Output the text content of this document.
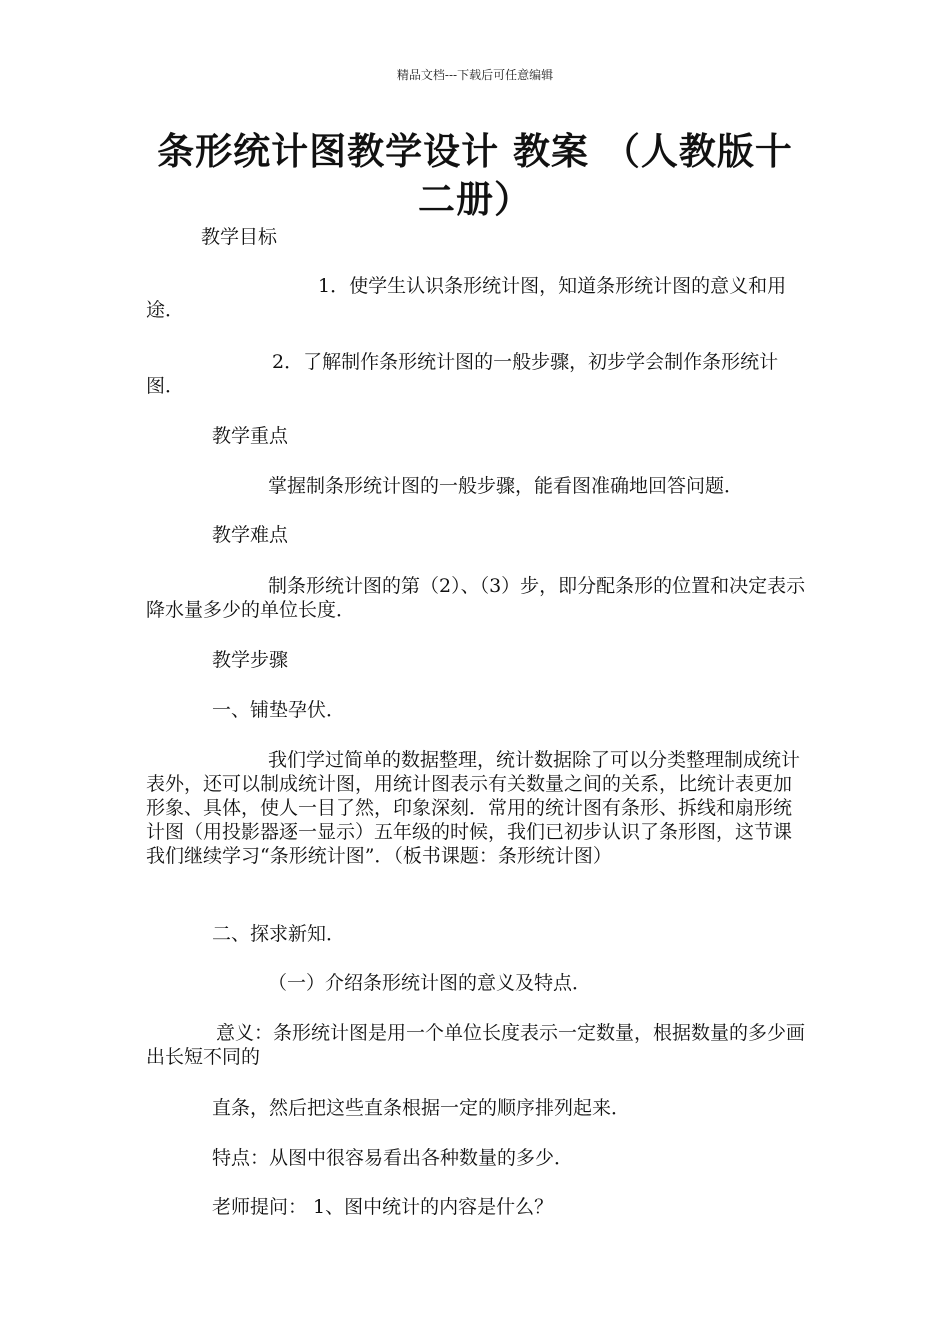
精品文档---下载后可任意编辑
条形统计图教学设计 教案 （人教版十二册）

教学目标

1．使学生认识条形统计图，知道条形统计图的意义和用途．

2．了解制作条形统计图的一般步骤，初步学会制作条形统计图．

教学重点

掌握制条形统计图的一般步骤，能看图准确地回答问题．

教学难点

制条形统计图的第（2）、（3）步，即分配条形的位置和决定表示降水量多少的单位长度．

教学步骤

一、铺垫孕伏．

我们学过简单的数据整理，统计数据除了可以分类整理制成统计表外，还可以制成统计图，用统计图表示有关数量之间的关系，比统计表更加形象、具体，使人一目了然，印象深刻．常用的统计图有条形、拆线和扇形统计图（用投影器逐一显示）五年级的时候，我们已初步认识了条形图，这节课我们继续学习“条形统计图”．（板书课题：条形统计图）

二、探求新知．

（一）介绍条形统计图的意义及特点．

意义：条形统计图是用一个单位长度表示一定数量，根据数量的多少画出长短不同的

直条，然后把这些直条根据一定的顺序排列起来．

特点：从图中很容易看出各种数量的多少．

老师提问： 1、图中统计的内容是什么？
